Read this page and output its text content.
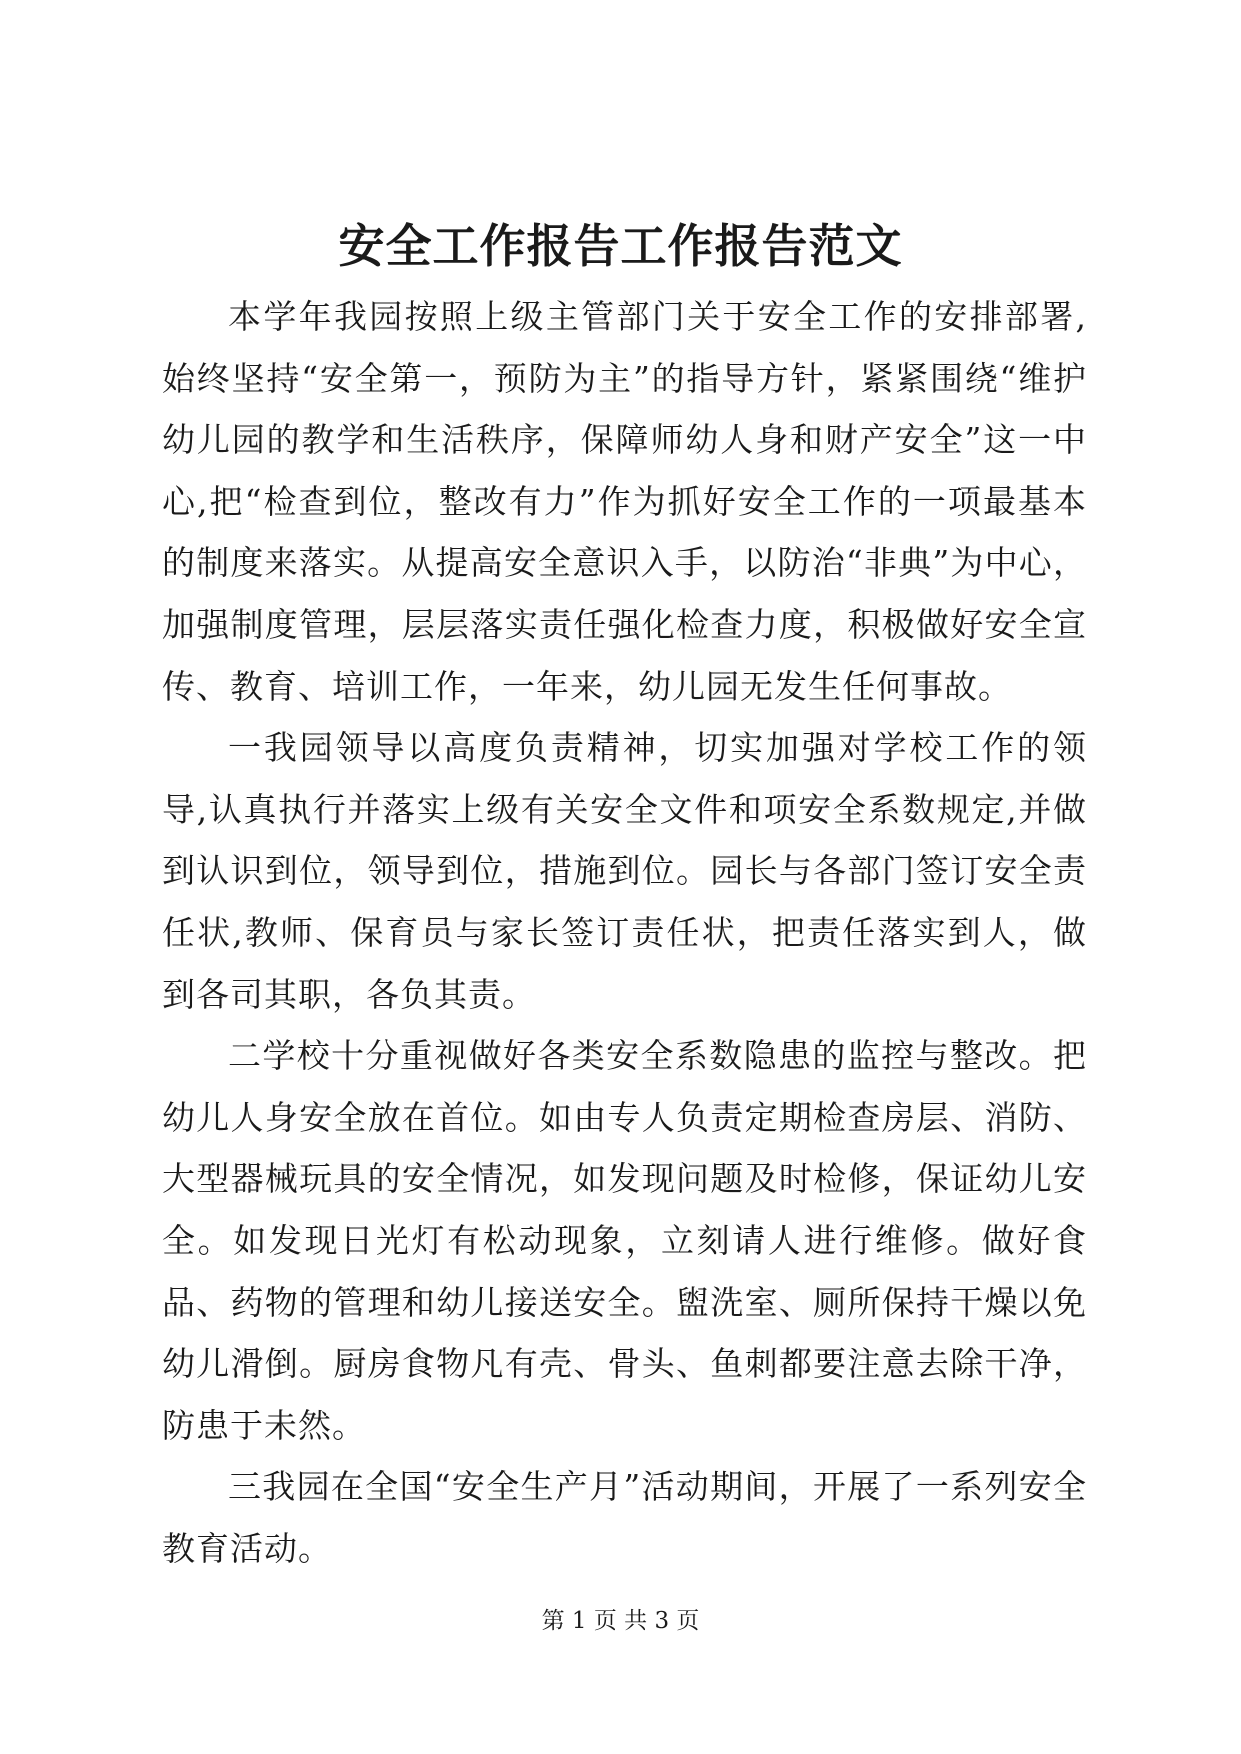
安全工作报告工作报告范文

本学年我园按照上级主管部门关于安全工作的安排部署,始终坚持“安全第一，预防为主”的指导方针，紧紧围绕“维护幼儿园的教学和生活秩序，保障师幼人身和财产安全”这一中心,把“检查到位，整改有力”作为抓好安全工作的一项最基本的制度来落实。从提高安全意识入手，以防治“非典”为中心，加强制度管理，层层落实责任强化检查力度，积极做好安全宣传、教育、培训工作，一年来，幼儿园无发生任何事故。

一我园领导以高度负责精神，切实加强对学校工作的领导,认真执行并落实上级有关安全文件和项安全系数规定,并做到认识到位，领导到位，措施到位。园长与各部门签订安全责任状,教师、保育员与家长签订责任状，把责任落实到人，做到各司其职，各负其责。

二学校十分重视做好各类安全系数隐患的监控与整改。把幼儿人身安全放在首位。如由专人负责定期检查房层、消防、大型器械玩具的安全情况，如发现问题及时检修，保证幼儿安全。如发现日光灯有松动现象，立刻请人进行维修。做好食品、药物的管理和幼儿接送安全。盥洗室、厕所保持干燥以免幼儿滑倒。厨房食物凡有壳、骨头、鱼刺都要注意去除干净，防患于未然。

三我园在全国“安全生产月”活动期间，开展了一系列安全教育活动。

第 1 页 共 3 页
